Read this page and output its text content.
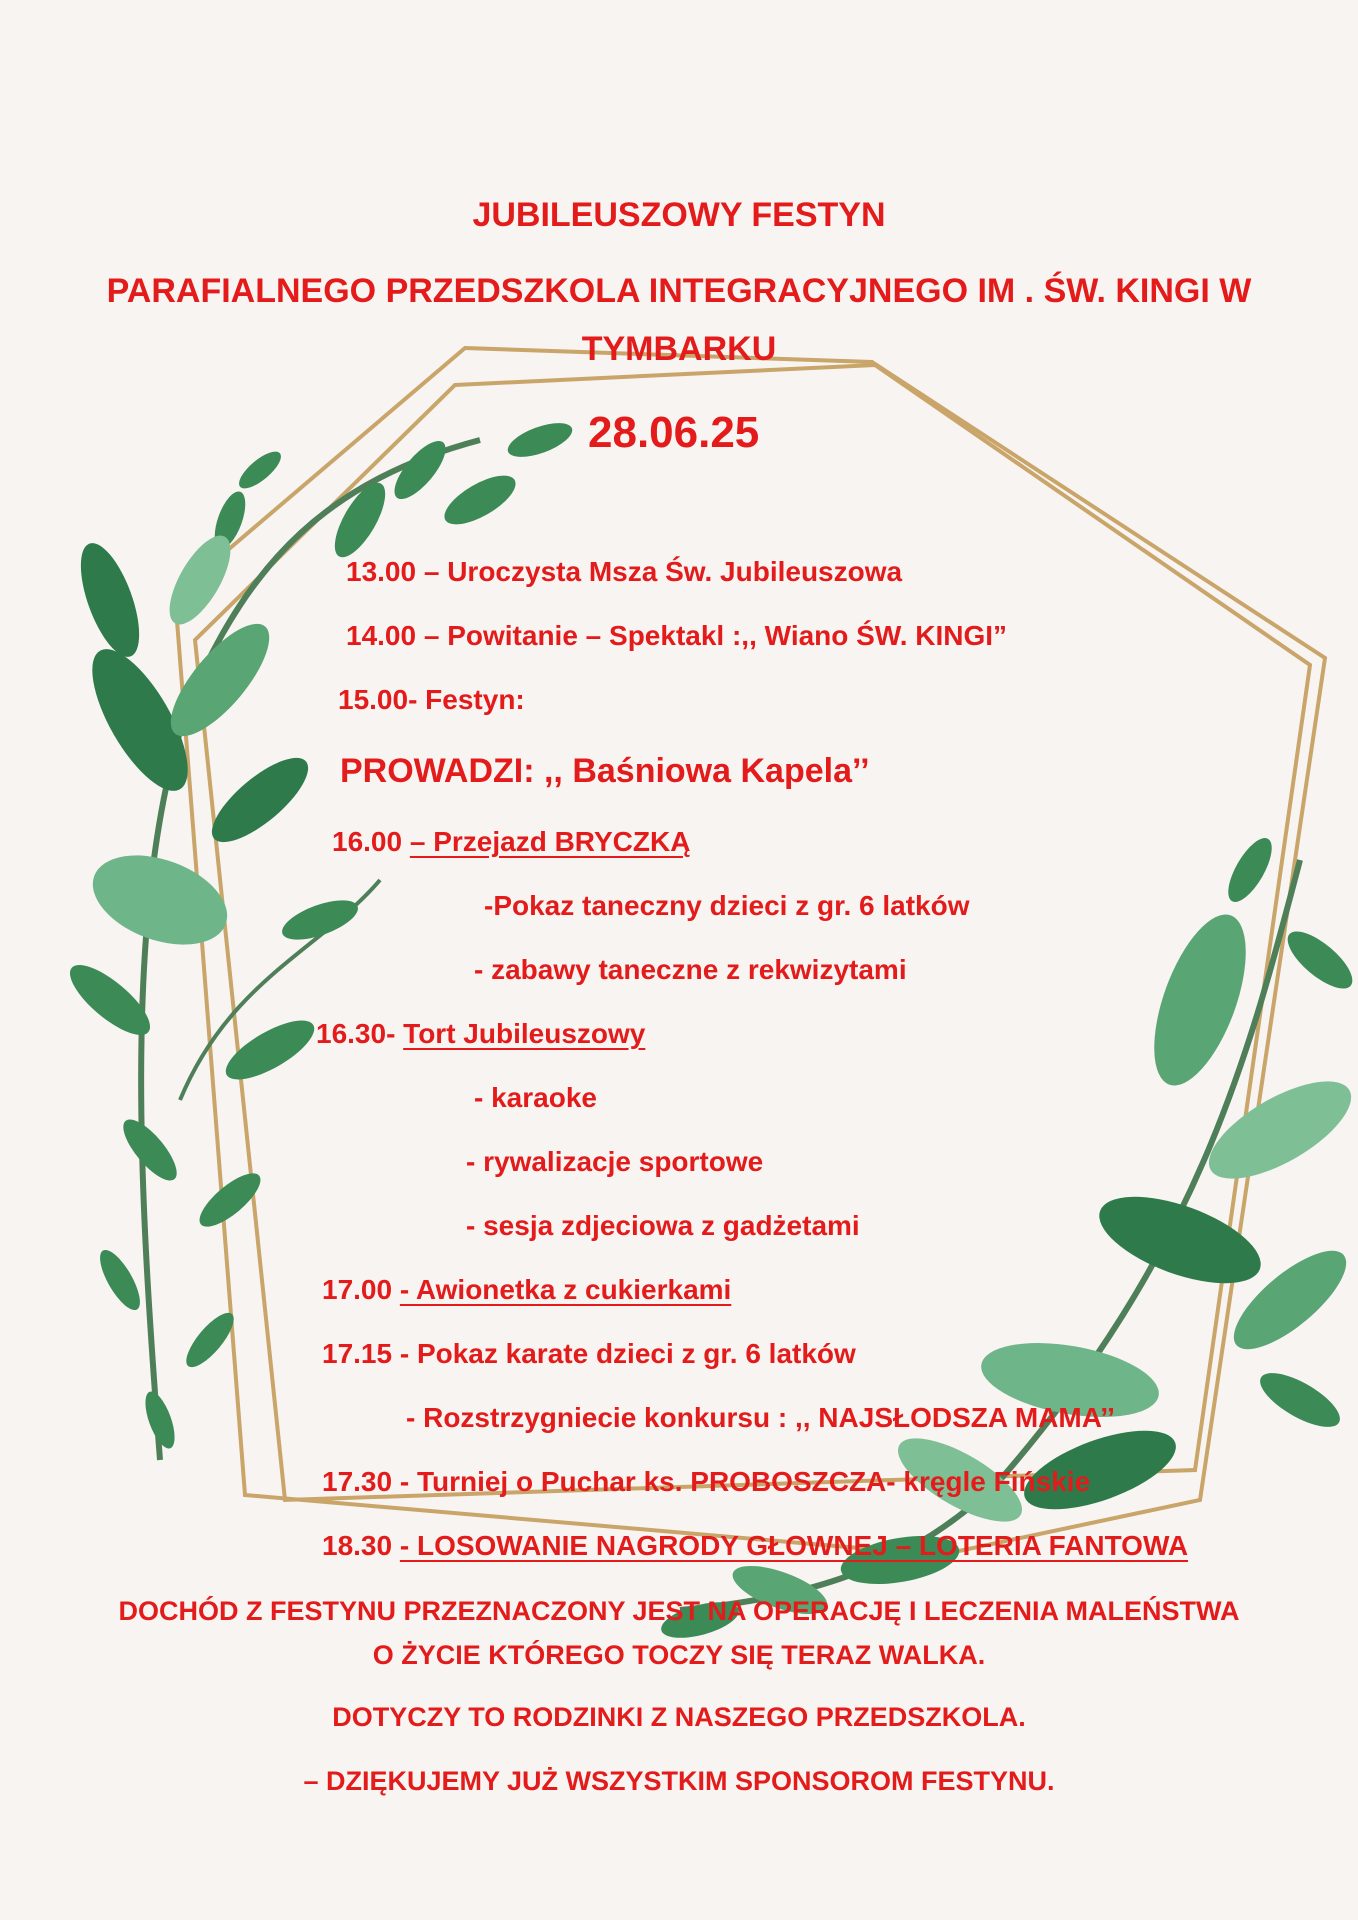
JUBILEUSZOWY FESTYN
PARAFIALNEGO PRZEDSZKOLA INTEGRACYJNEGO IM . ŚW. KINGI W
TYMBARKU
28.06.25
13.00 – Uroczysta Msza Św. Jubileuszowa
14.00 – Powitanie – Spektakl :,, Wiano ŚW. KINGI”
15.00- Festyn:
PROWADZI: ,, Baśniowa Kapela’’
16.00 – Przejazd BRYCZKĄ
-Pokaz taneczny dzieci z gr. 6 latków
- zabawy taneczne z rekwizytami
16.30- Tort Jubileuszowy
- karaoke
- rywalizacje sportowe
- sesja zdjeciowa z gadżetami
17.00 - Awionetka z cukierkami
17.15 - Pokaz karate dzieci z gr. 6 latków
- Rozstrzygniecie konkursu : ,, NAJSŁODSZA MAMA’’
17.30 - Turniej o Puchar ks. PROBOSZCZA- kręgle Fińskie
18.30 - LOSOWANIE NAGRODY GŁOWNEJ – LOTERIA FANTOWA
DOCHÓD Z FESTYNU PRZEZNACZONY JEST NA OPERACJĘ I LECZENIA MALEŃSTWA
O ŻYCIE KTÓREGO TOCZY SIĘ TERAZ WALKA.
DOTYCZY TO RODZINKI Z NASZEGO PRZEDSZKOLA.
– DZIĘKUJEMY JUŻ WSZYSTKIM SPONSOROM FESTYNU.
